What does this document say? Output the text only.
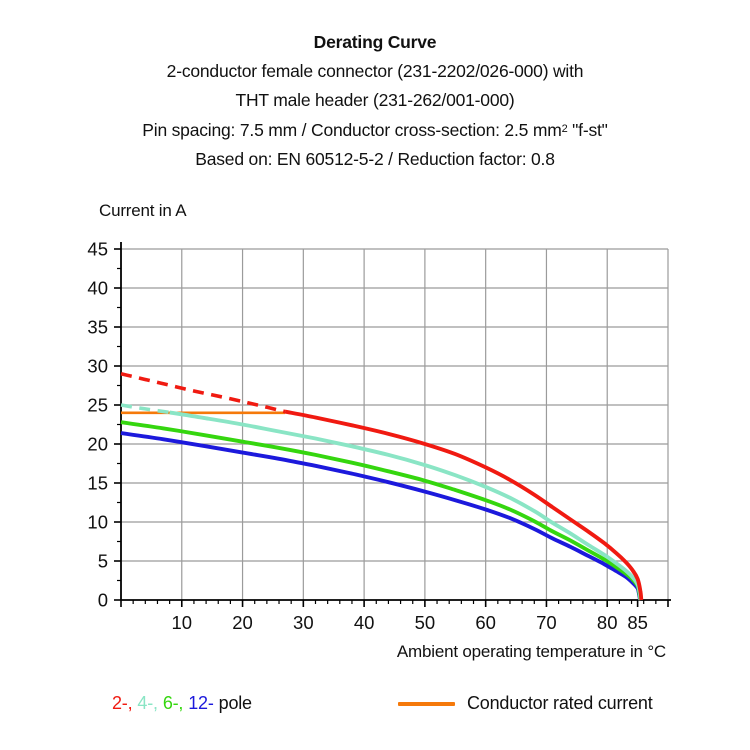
Derating Curve
2-conductor female connector (231-2202/026-000) with
THT male header (231-262/001-000)
Pin spacing: 7.5 mm / Conductor cross-section: 2.5 $mm^2$ "f-st"
Based on: EN 60512-5-2 / Reduction factor: 0.8
Current in A
0
5
10
15
20
25
30
35
40
45
10 20 30 40 50 60 70 80 85
Ambient operating temperature in °C
2-, 4-, 6-, 12- pole	Conductor rated current
